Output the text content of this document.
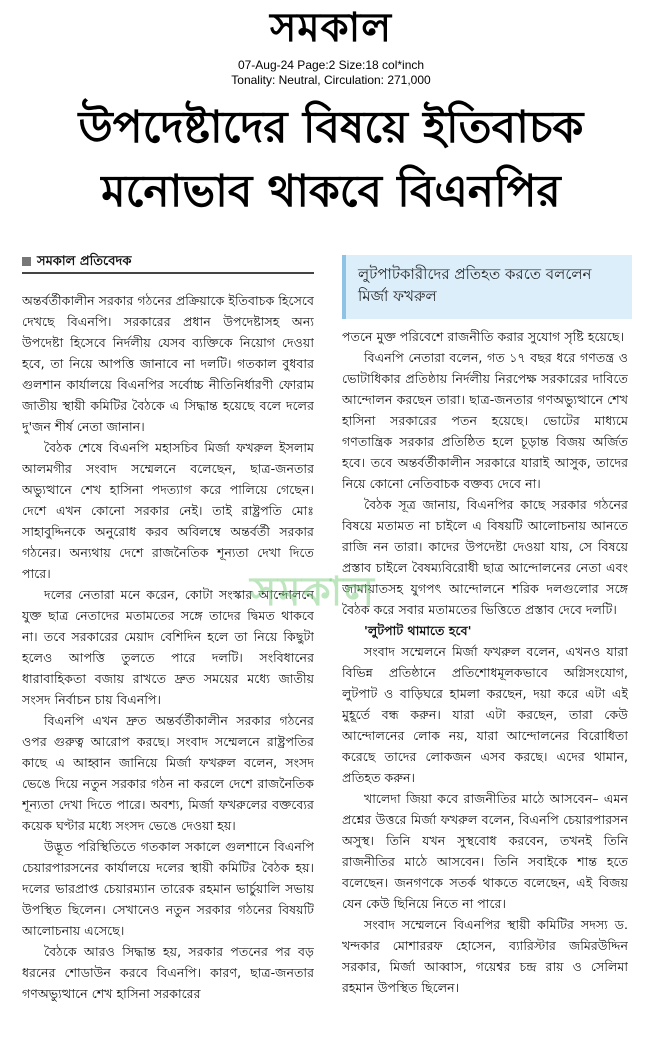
সমকাল
07-Aug-24 Page:2 Size:18 col*inch
Tonality: Neutral, Circulation: 271,000
উপদেষ্টাদের বিষয়ে ইতিবাচক মনোভাব থাকবে বিএনপির
সমকাল প্রতিবেদক
লুটপাটকারীদের প্রতিহত করতে বললেন মির্জা ফখরুল

অন্তর্বর্তীকালীন সরকার গঠনের প্রক্রিয়াকে ইতিবাচক হিসেবে দেখছে বিএনপি। সরকারের প্রধান উপদেষ্টাসহ অন্য উপদেষ্টা হিসেবে নির্দলীয় যেসব ব্যক্তিকে নিয়োগ দেওয়া হবে, তা নিয়ে আপত্তি জানাবে না দলটি। গতকাল বুধবার গুলশান কার্যালয়ে বিএনপির সর্বোচ্চ নীতিনির্ধারণী ফোরাম জাতীয় স্থায়ী কমিটির বৈঠকে এ সিদ্ধান্ত হয়েছে বলে দলের দু'জন শীর্ষ নেতা জানান।

বৈঠক শেষে বিএনপি মহাসচিব মির্জা ফখরুল ইসলাম আলমগীর সংবাদ সম্মেলনে বলেছেন, ছাত্র-জনতার অভ্যুত্থানে শেখ হাসিনা পদত্যাগ করে পালিয়ে গেছেন। দেশে এখন কোনো সরকার নেই। তাই রাষ্ট্রপতি মোঃ সাহাবুদ্দিনকে অনুরোধ করব অবিলম্বে অন্তর্বর্তী সরকার গঠনের। অন্যথায় দেশে রাজনৈতিক শূন্যতা দেখা দিতে পারে।

দলের নেতারা মনে করেন, কোটা সংস্কার আন্দোলনে যুক্ত ছাত্র নেতাদের মতামতের সঙ্গে তাদের দ্বিমত থাকবে না। তবে সরকারের মেয়াদ বেশিদিন হলে তা নিয়ে কিছুটা হলেও আপত্তি তুলতে পারে দলটি। সংবিধানের ধারাবাহিকতা বজায় রাখতে দ্রুত সময়ের মধ্যে জাতীয় সংসদ নির্বাচন চায় বিএনপি।

বিএনপি এখন দ্রুত অন্তর্বর্তীকালীন সরকার গঠনের ওপর গুরুত্ব আরোপ করছে। সংবাদ সম্মেলনে রাষ্ট্রপতির কাছে এ আহ্বান জানিয়ে মির্জা ফখরুল বলেন, সংসদ ভেঙে দিয়ে নতুন সরকার গঠন না করলে দেশে রাজনৈতিক শূন্যতা দেখা দিতে পারে। অবশ্য, মির্জা ফখরুলের বক্তব্যের কয়েক ঘণ্টার মধ্যে সংসদ ভেঙে দেওয়া হয়।

উদ্ভূত পরিস্থিতিতে গতকাল সকালে গুলশানে বিএনপি চেয়ারপারসনের কার্যালয়ে দলের স্থায়ী কমিটির বৈঠক হয়। দলের ভারপ্রাপ্ত চেয়ারম্যান তারেক রহমান ভার্চুয়ালি সভায় উপস্থিত ছিলেন। সেখানেও নতুন সরকার গঠনের বিষয়টি আলোচনায় এসেছে।

বৈঠকে আরও সিদ্ধান্ত হয়, সরকার পতনের পর বড় ধরনের শোডাউন করবে বিএনপি। কারণ, ছাত্র-জনতার গণঅভ্যুত্থানে শেখ হাসিনা সরকারের

পতনে মুক্ত পরিবেশে রাজনীতি করার সুযোগ সৃষ্টি হয়েছে।

বিএনপি নেতারা বলেন, গত ১৭ বছর ধরে গণতন্ত্র ও ভোটাধিকার প্রতিষ্ঠায় নির্দলীয় নিরপেক্ষ সরকারের দাবিতে আন্দোলন করছেন তারা। ছাত্র-জনতার গণঅভ্যুত্থানে শেখ হাসিনা সরকারের পতন হয়েছে। ভোটের মাধ্যমে গণতান্ত্রিক সরকার প্রতিষ্ঠিত হলে চূড়ান্ত বিজয় অর্জিত হবে। তবে অন্তর্বর্তীকালীন সরকারে যারাই আসুক, তাদের নিয়ে কোনো নেতিবাচক বক্তব্য দেবে না।

বৈঠক সূত্র জানায়, বিএনপির কাছে সরকার গঠনের বিষয়ে মতামত না চাইলে এ বিষয়টি আলোচনায় আনতে রাজি নন তারা। কাদের উপদেষ্টা দেওয়া যায়, সে বিষয়ে প্রস্তাব চাইলে বৈষম্যবিরোধী ছাত্র আন্দোলনের নেতা এবং জামায়াতসহ যুগপৎ আন্দোলনে শরিক দলগুলোর সঙ্গে বৈঠক করে সবার মতামতের ভিত্তিতে প্রস্তাব দেবে দলটি।

'লুটপাট থামাতে হবে'

সংবাদ সম্মেলনে মির্জা ফখরুল বলেন, এখনও যারা বিভিন্ন প্রতিষ্ঠানে প্রতিশোধমূলকভাবে অগ্নিসংযোগ, লুটপাট ও বাড়িঘরে হামলা করছেন, দয়া করে এটা এই মুহূর্তে বন্ধ করুন। যারা এটা করছেন, তারা কেউ আন্দোলনের লোক নয়, যারা আন্দোলনের বিরোধিতা করেছে তাদের লোকজন এসব করছে। এদের থামান, প্রতিহত করুন।

খালেদা জিয়া কবে রাজনীতির মাঠে আসবেন– এমন প্রশ্নের উত্তরে মির্জা ফখরুল বলেন, বিএনপি চেয়ারপারসন অসুস্থ। তিনি যখন সুস্থবোধ করবেন, তখনই তিনি রাজনীতির মাঠে আসবেন। তিনি সবাইকে শান্ত হতে বলেছেন। জনগণকে সতর্ক থাকতে বলেছেন, এই বিজয় যেন কেউ ছিনিয়ে নিতে না পারে।

সংবাদ সম্মেলনে বিএনপির স্থায়ী কমিটির সদস্য ড. খন্দকার মোশাররফ হোসেন, ব্যারিস্টার জমিরউদ্দিন সরকার, মির্জা আব্বাস, গয়েশ্বর চন্দ্র রায় ও সেলিমা রহমান উপস্থিত ছিলেন।

সমকাল
